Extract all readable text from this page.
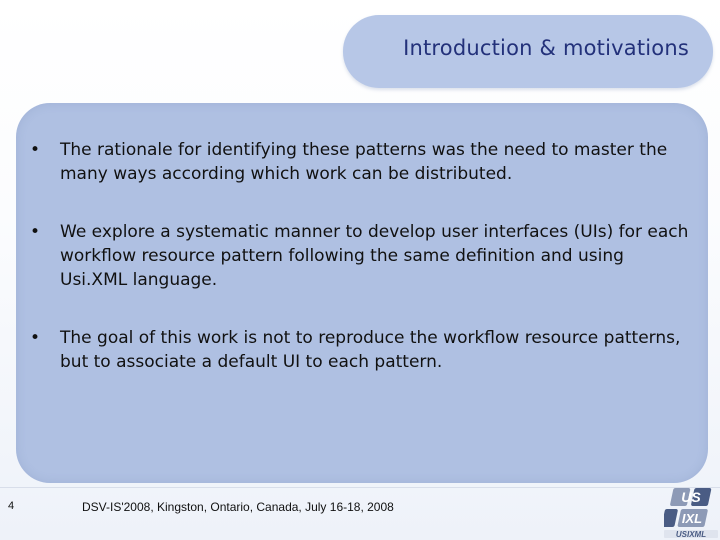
Introduction & motivations
• The rationale for identifying these patterns was the need to master the many ways according which work can be distributed.
• We explore a systematic manner to develop user interfaces (UIs) for each workflow resource pattern following the same definition and using Usi.XML language.
• The goal of this work is not to reproduce the workflow resource patterns, but to associate a default UI to each pattern.
4	DSV-IS'2008, Kingston, Ontario, Canada, July 16-18, 2008
US
IXL
USIXML
